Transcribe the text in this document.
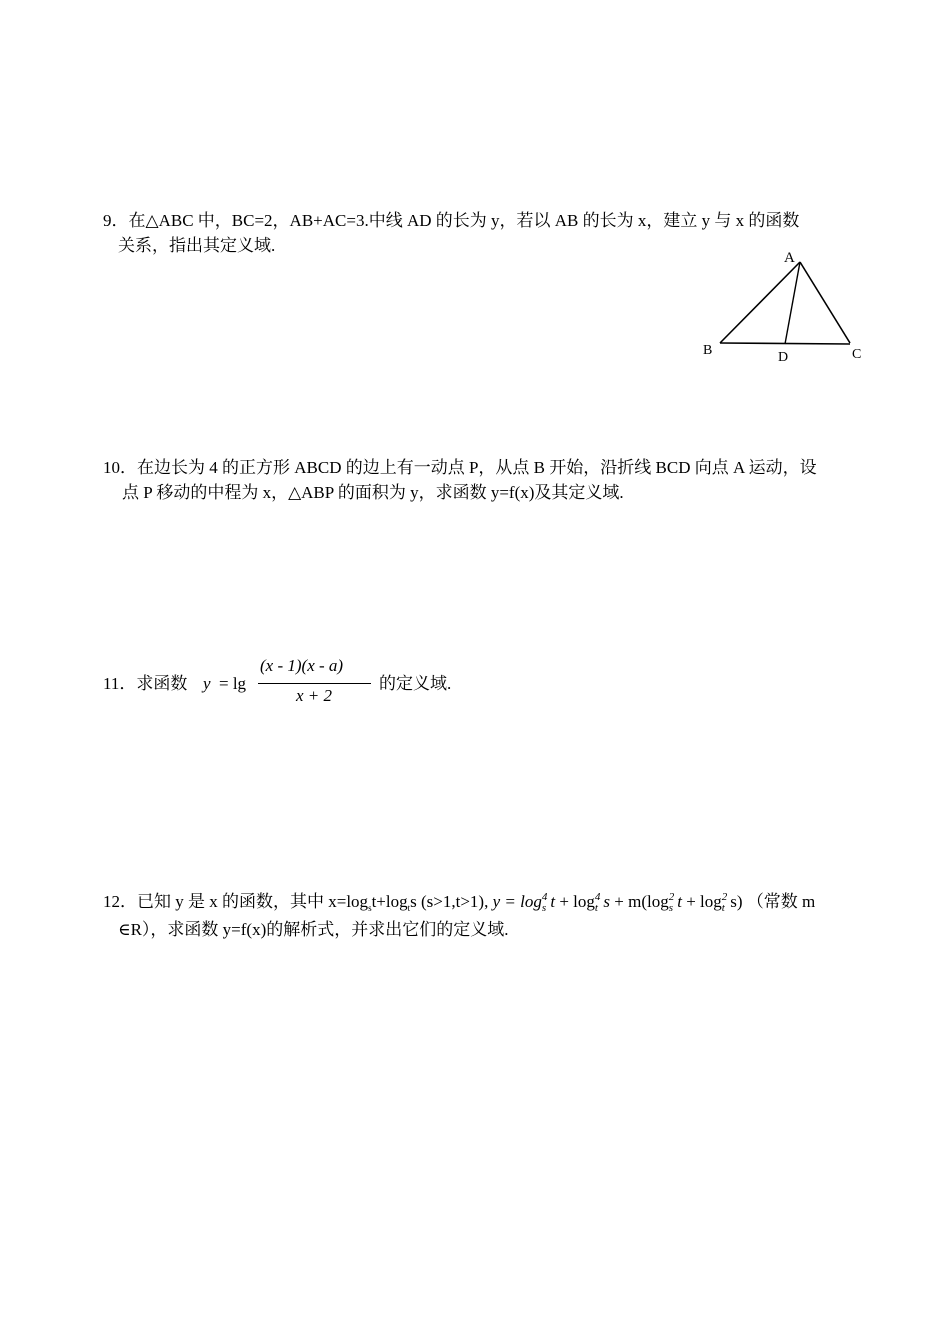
9．在△ABC 中，BC=2，AB+AC=3.中线 AD 的长为 y，若以 AB 的长为 x，建立 y 与 x 的函数
关系，指出其定义域.
A
B	D	C
10．在边长为 4 的正方形 ABCD 的边上有一动点 P，从点 B 开始，沿折线 BCD 向点 A 运动，设
点 P 移动的中程为 x，△ABP 的面积为 y，求函数 y=f(x)及其定义域.
11．求函数 y = lg
(x - 1)(x - a)
x + 2
的定义域.
12．已知 y 是 x 的函数，其中 $x=\log_st+\log_ts$ (s>1,t>1), y = log 4
s t + log 4
t s + m(log 2
s t + log 2
t s) （常数 m
∈R），求函数 y=f(x)的解析式，并求出它们的定义域.
